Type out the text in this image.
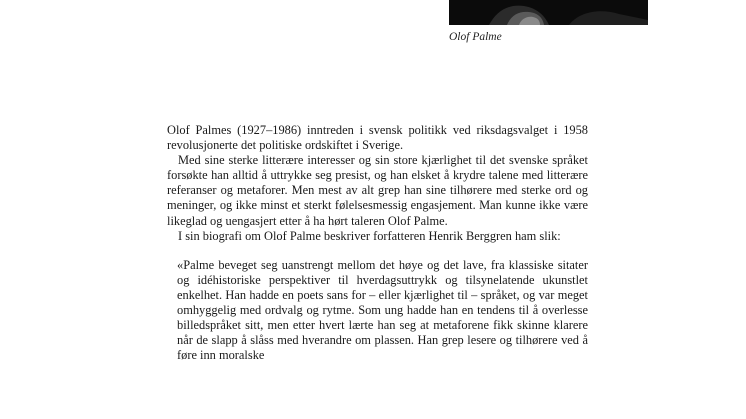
Olof Palme

Olof Palmes (1927–1986) inntreden i svensk politikk ved riksdagsvalget i 1958 revolusjonerte det politiske ordskiftet i Sverige.

Med sine sterke litterære interesser og sin store kjærlighet til det svenske språket forsøkte han alltid å uttrykke seg presist, og han elsket å krydre talene med litterære referanser og metaforer. Men mest av alt grep han sine tilhørere med sterke ord og meninger, og ikke minst et sterkt følelsesmessig engasjement. Man kunne ikke være likeglad og uengasjert etter å ha hørt taleren Olof Palme.

I sin biografi om Olof Palme beskriver forfatteren Henrik Berggren ham slik:

«Palme beveget seg uanstrengt mellom det høye og det lave, fra klassiske sitater og idéhistoriske perspektiver til hverdagsuttrykk og tilsynelatende ukunstlet enkelhet. Han hadde en poets sans for – eller kjærlighet til – språket, og var meget omhyggelig med ordvalg og rytme. Som ung hadde han en tendens til å overlesse billedspråket sitt, men etter hvert lærte han seg at metaforene fikk skinne klarere når de slapp å slåss med hverandre om plassen. Han grep lesere og tilhørere ved å føre inn moralske
